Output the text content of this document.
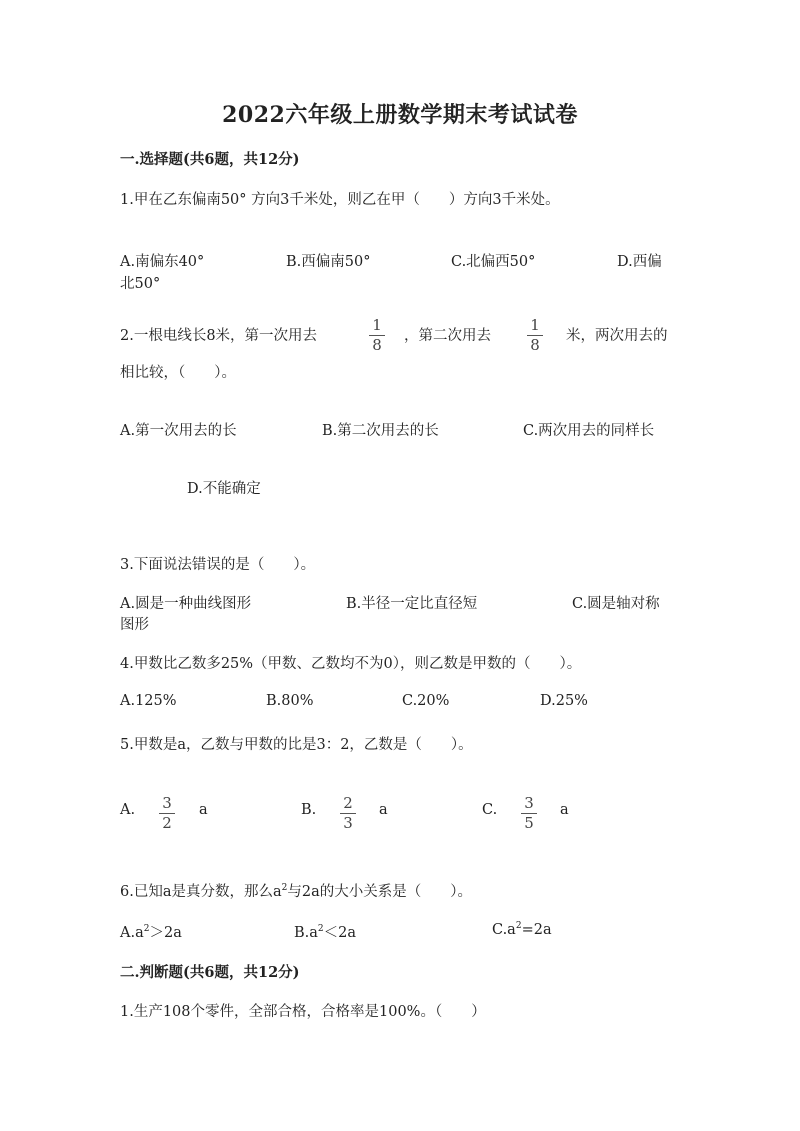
2022六年级上册数学期末考试试卷
一.选择题(共6题，共12分)
1.甲在乙东偏南50° 方向3千米处，则乙在甲（　　）方向3千米处。
A.南偏东40°	B.西偏南50°	C.北偏西50°	D.西偏
北50°
2.一根电线长8米，第一次用去
1
8 ，第二次用去
1
8 米，两次用去的
相比较，（　　）。
A.第一次用去的长	B.第二次用去的长	C.两次用去的同样长
D.不能确定
3.下面说法错误的是（　　）。
A.圆是一种曲线图形	B.半径一定比直径短	C.圆是轴对称
图形
4.甲数比乙数多25%（甲数、乙数均不为0），则乙数是甲数的（　　）。
A.125%	B.80%	C.20%	D.25%
5.甲数是a，乙数与甲数的比是3：2，乙数是（　　）。
A. 3
2
a	B. 2
3
a	C. 3
5
a
6.已知a是真分数，那么$a^2$与2a的大小关系是（　　）。
$A.a^2>2a$	$B.a^2<2a$	$C.a^2=2a$
二.判断题(共6题，共12分)
1.生产108个零件，全部合格，合格率是100%。（　　）
